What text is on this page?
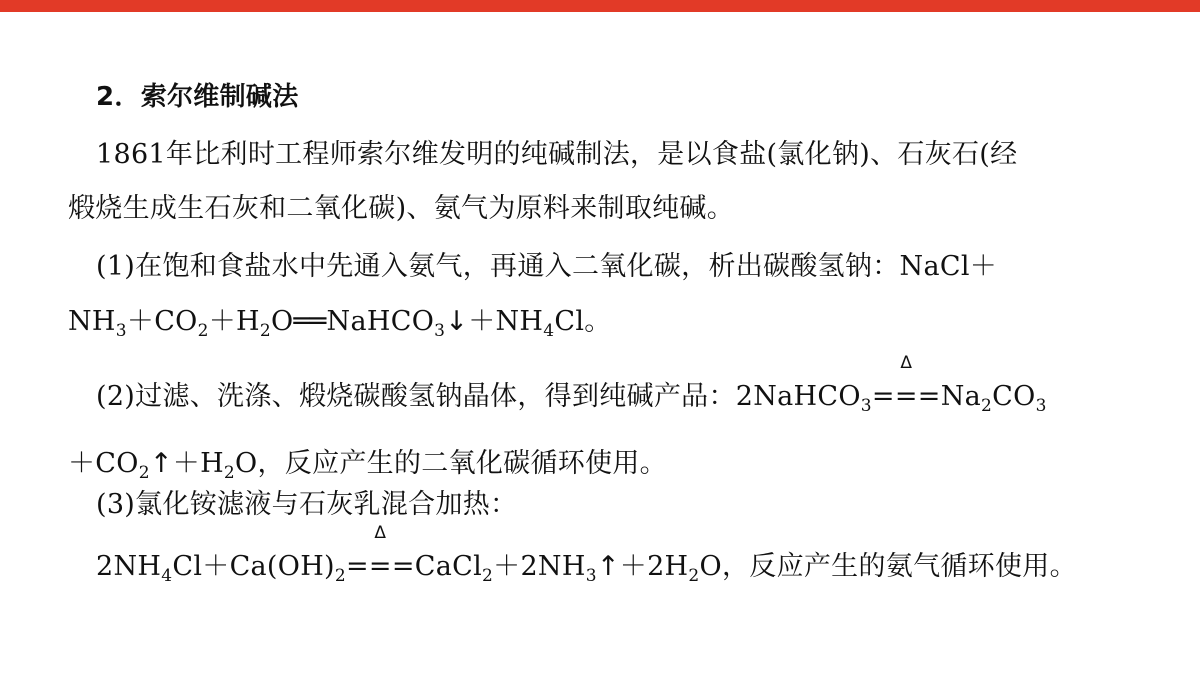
2．索尔维制碱法
1861年比利时工程师索尔维发明的纯碱制法，是以食盐(氯化钠)、石灰石(经
煅烧生成生石灰和二氧化碳)、氨气为原料来制取纯碱。
(1)在饱和食盐水中先通入氨气，再通入二氧化碳，析出碳酸氢钠：NaCl＋
$NH_3+CO_2+H_2O══NaHCO_3↓+NH_4Cl$。
(2)过滤、洗涤、煅烧碳酸氢钠晶体，得到纯碱产品：2NaHCO$_3$
Δ
$===Na_2CO_3$
$+CO_2↑+H_2O$，反应产生的二氧化碳循环使用。
(3)氯化铵滤液与石灰乳混合加热：
$2NH_4Cl+Ca(OH)_2$
Δ
$===CaCl_2+2NH_3↑+2H_2O$，反应产生的氨气循环使用。
